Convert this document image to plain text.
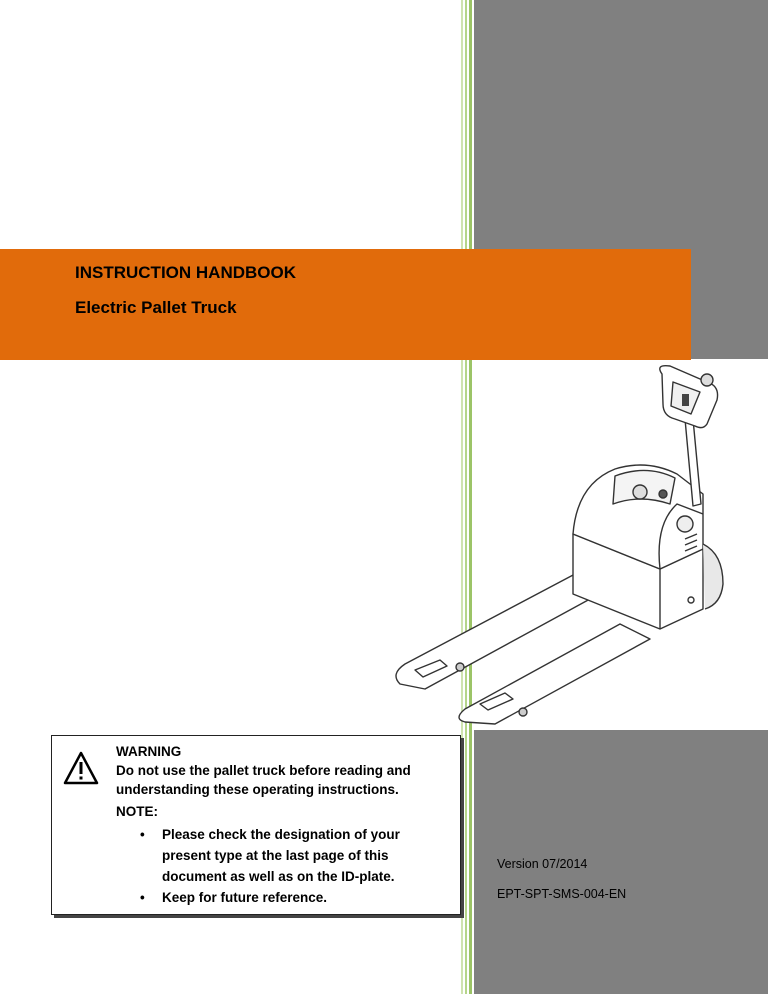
INSTRUCTION HANDBOOK

Electric Pallet Truck

WARNING

Do not use the pallet truck before reading and understanding these operating instructions.

NOTE:

• Please check the designation of your present type at the last page of this document as well as on the ID-plate.
• Keep for future reference.

Version 07/2014

EPT-SPT-SMS-004-EN
